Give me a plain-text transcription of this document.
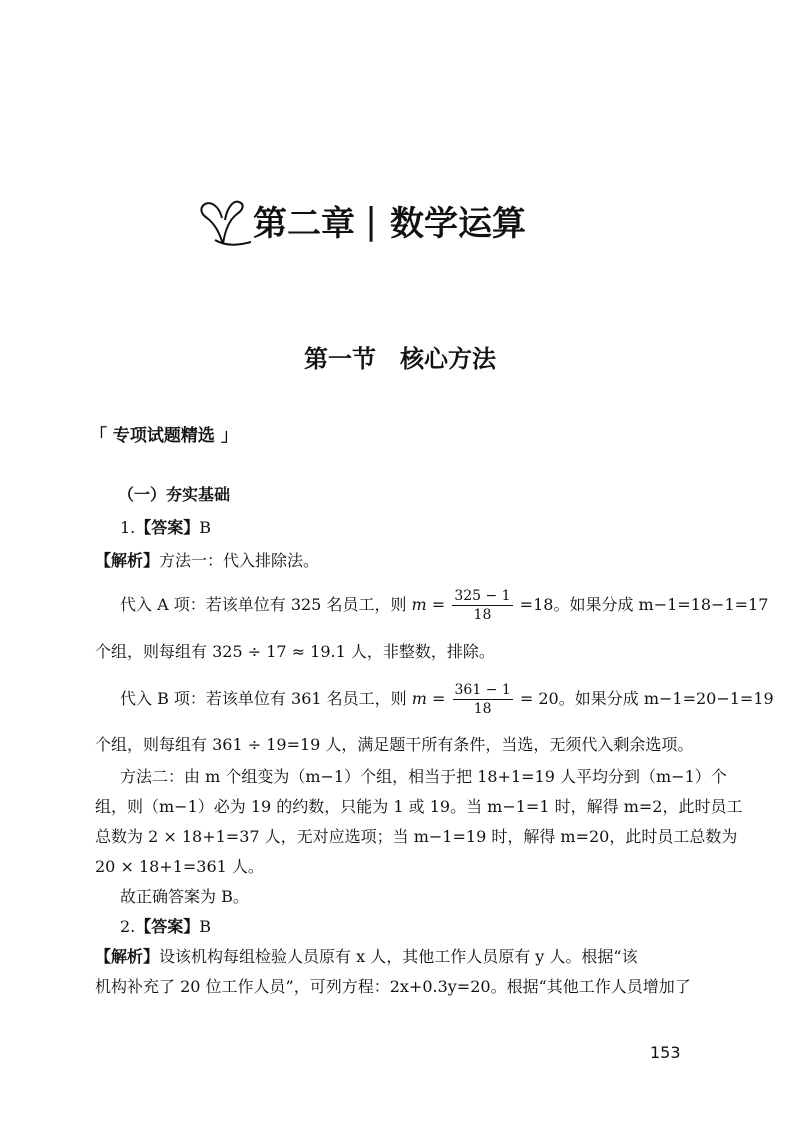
第二章 | 数学运算
第一节　核心方法
「 专项试题精选 」
（一）夯实基础
1.【答案】B
【解析】方法一：代入排除法。
代入 A 项：若该单位有 325 名员工，则 $m = \frac{325 - 1}{18} =18$。如果分成 m−1=18−1=17
个组，则每组有 325 ÷ 17 ≈ 19.1 人，非整数，排除。
代入 B 项：若该单位有 361 名员工，则 $m = \frac{361 - 1}{18} = 20$。如果分成 m−1=20−1=19
个组，则每组有 361 ÷ 19=19 人，满足题干所有条件，当选，无须代入剩余选项。
方法二：由 m 个组变为（m−1）个组，相当于把 18+1=19 人平均分到（m−1）个
组，则（m−1）必为 19 的约数，只能为 1 或 19。当 m−1=1 时，解得 m=2，此时员工
总数为 2 × 18+1=37 人，无对应选项；当 m−1=19 时，解得 m=20，此时员工总数为
20 × 18+1=361 人。
故正确答案为 B。
2.【答案】B
【解析】设该机构每组检验人员原有 x 人，其他工作人员原有 y 人。根据“该
机构补充了 20 位工作人员”，可列方程：2x+0.3y=20。根据“其他工作人员增加了
153
